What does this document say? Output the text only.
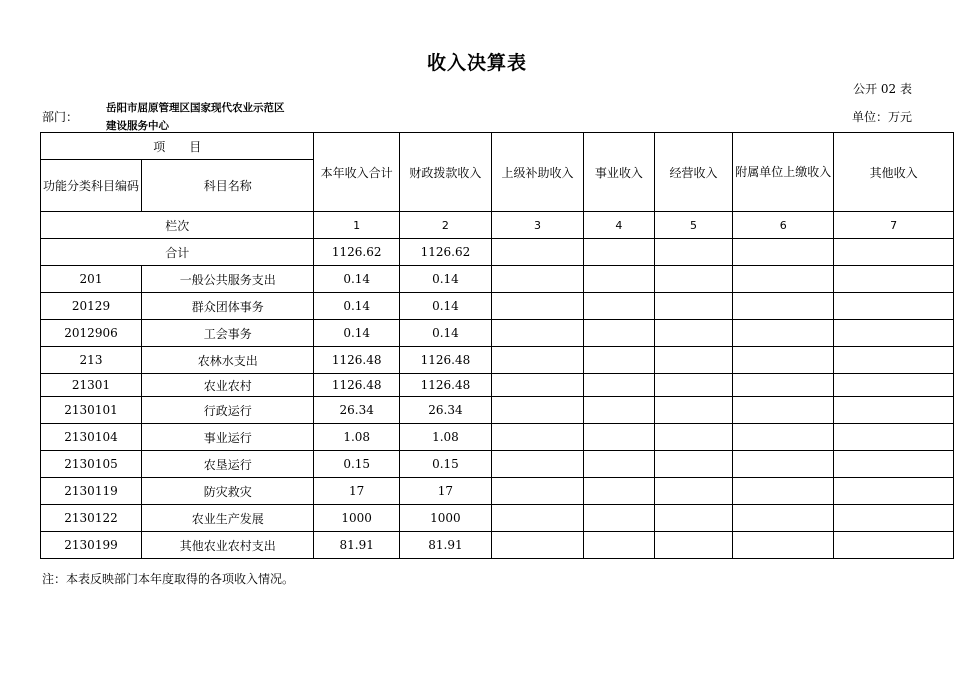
收入决算表
公开 02 表
部门：
岳阳市屈原管理区国家现代农业示范区
建设服务中心
单位：万元
项　　目		本年收入合计	财政拨款收入	上级补助收入	事业收入	经营收入	附属单位上缴收入	其他收入
功能分类科目编码	科目名称							
栏次		1	2	3	4	5	6	7
合计		1126.62	1126.62					
201	一般公共服务支出	0.14	0.14					
20129	群众团体事务	0.14	0.14					
2012906	工会事务	0.14	0.14					
213	农林水支出	1126.48	1126.48					
21301	农业农村	1126.48	1126.48					
2130101	行政运行	26.34	26.34					
2130104	事业运行	1.08	1.08					
2130105	农垦运行	0.15	0.15					
2130119	防灾救灾	17	17					
2130122	农业生产发展	1000	1000					
2130199	其他农业农村支出	81.91	81.91					
注：本表反映部门本年度取得的各项收入情况。
